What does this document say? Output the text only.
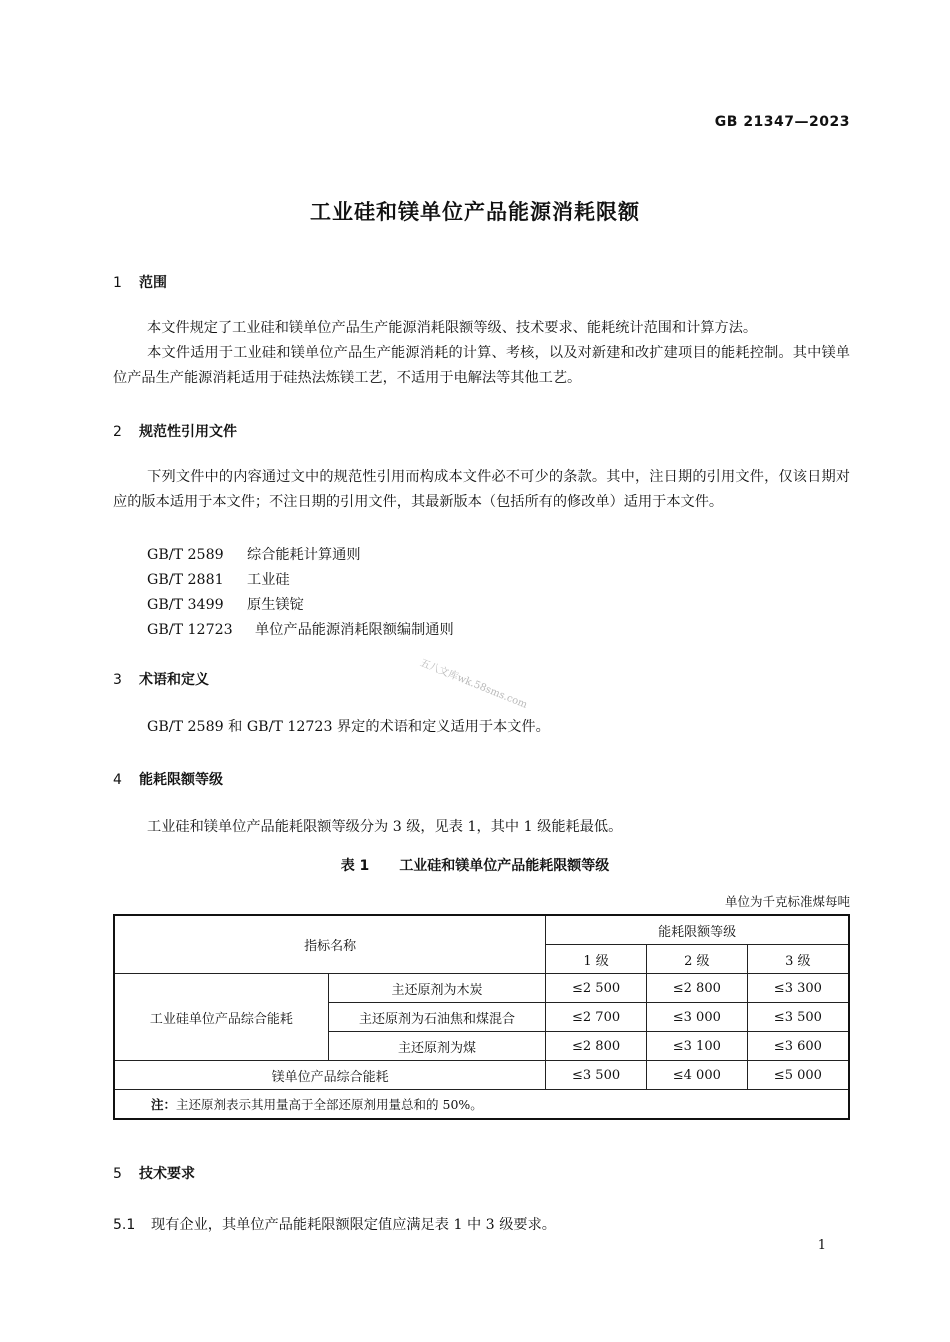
GB 21347—2023
工业硅和镁单位产品能源消耗限额
1 范围
本文件规定了工业硅和镁单位产品生产能源消耗限额等级、技术要求、能耗统计范围和计算方法。
本文件适用于工业硅和镁单位产品生产能源消耗的计算、考核，以及对新建和改扩建项目的能耗控制。其中镁单位产品生产能源消耗适用于硅热法炼镁工艺，不适用于电解法等其他工艺。
2 规范性引用文件
下列文件中的内容通过文中的规范性引用而构成本文件必不可少的条款。其中，注日期的引用文件，仅该日期对应的版本适用于本文件；不注日期的引用文件，其最新版本（包括所有的修改单）适用于本文件。
GB/T 2589 综合能耗计算通则
GB/T 2881 工业硅
GB/T 3499 原生镁锭
GB/T 12723 单位产品能源消耗限额编制通则
五八文库wk.58sms.com
3 术语和定义
GB/T 2589 和 GB/T 12723 界定的术语和定义适用于本文件。
4 能耗限额等级
工业硅和镁单位产品能耗限额等级分为 3 级，见表 1，其中 1 级能耗最低。
表 1 工业硅和镁单位产品能耗限额等级
单位为千克标准煤每吨
指标名称		能耗限额等级		
		1 级	2 级	3 级
工业硅单位产品综合能耗	主还原剂为木炭	≤2 500	≤2 800	≤3 300
	主还原剂为石油焦和煤混合	≤2 700	≤3 000	≤3 500
	主还原剂为煤	≤2 800	≤3 100	≤3 600
镁单位产品综合能耗		≤3 500	≤4 000	≤5 000
注：主还原剂表示其用量高于全部还原剂用量总和的 50%。				
5 技术要求
5.1 现有企业，其单位产品能耗限额限定值应满足表 1 中 3 级要求。
1
